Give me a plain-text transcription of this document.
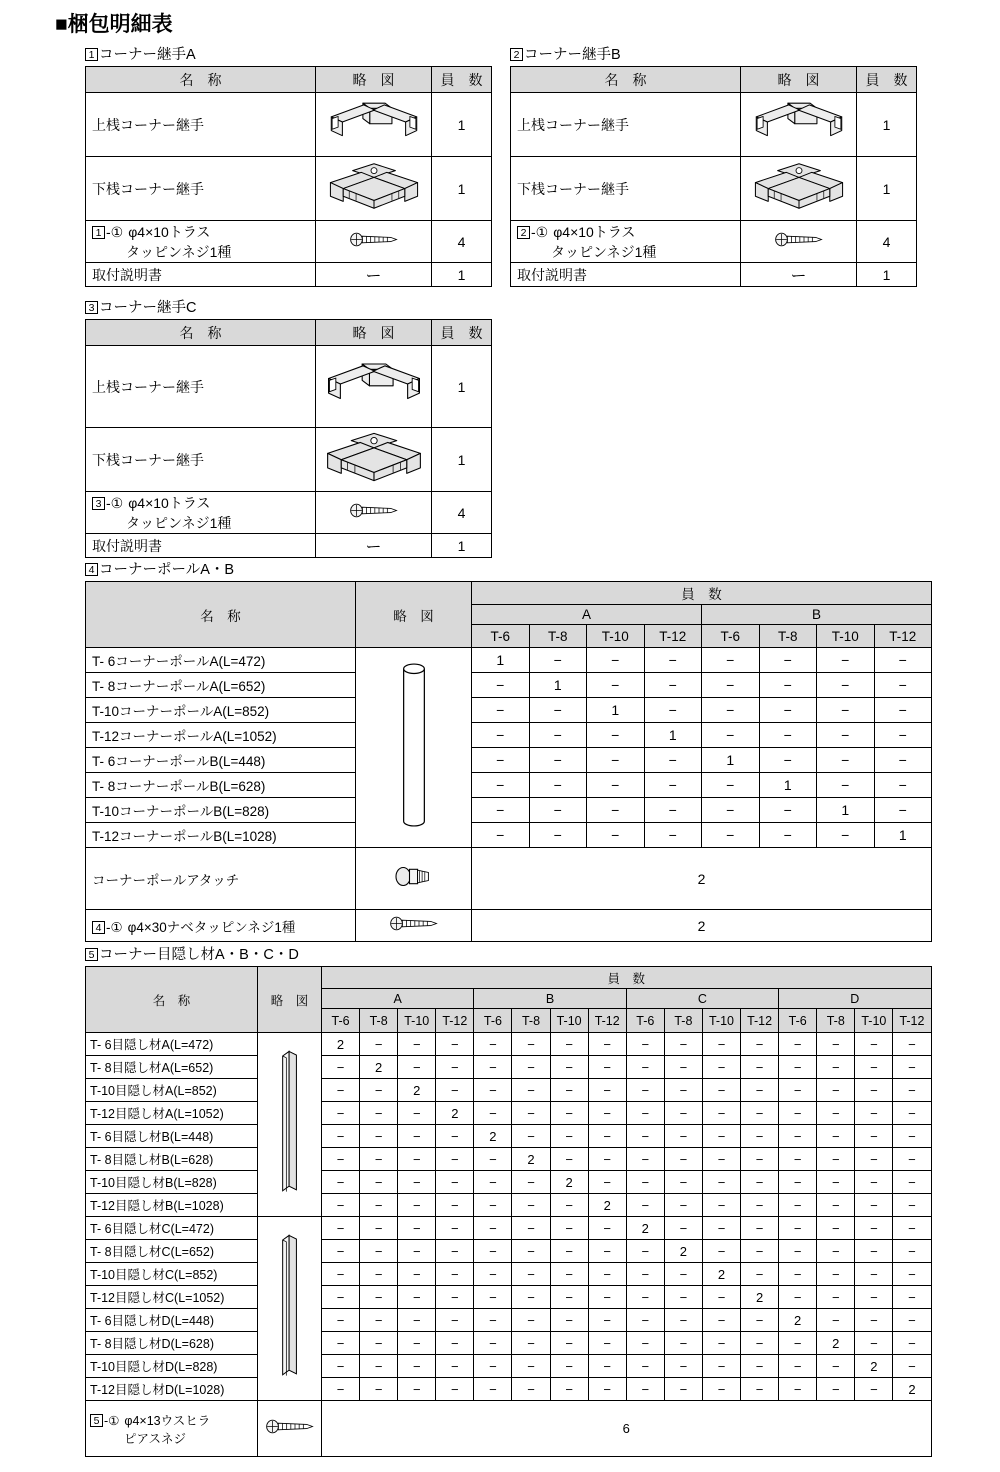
■梱包明細表
1 コーナー継手A
名　称	略　図	員　数
上桟コーナー継手		1
下桟コーナー継手		1

1 -① φ4×10トラス
タッピンネジ1種		4
取付説明書	ー	1
2 コーナー継手B
名　称	略　図	員　数
上桟コーナー継手		1
下桟コーナー継手		1

2 -① φ4×10トラス
タッピンネジ1種		4
取付説明書	ー	1
3 コーナー継手C
名　称	略　図	員　数
上桟コーナー継手		1
下桟コーナー継手		1

3 -① φ4×10トラス
タッピンネジ1種		4
取付説明書	ー	1
4 コーナーポールA・B
名　称	略　図	員　数							
		A				B			
		T-6	T-8	T-10	T-12	T-6	T-8	T-10	T-12
T- 6コーナーポールA(L=472)		1	−	−	−	−	−	−	−
T- 8コーナーポールA(L=652)		−	1	−	−	−	−	−	−
T-10コーナーポールA(L=852)		−	−	1	−	−	−	−	−
T-12コーナーポールA(L=1052)		−	−	−	1	−	−	−	−
T- 6コーナーポールB(L=448)		−	−	−	−	1	−	−	−
T- 8コーナーポールB(L=628)		−	−	−	−	−	1	−	−
T-10コーナーポールB(L=828)		−	−	−	−	−	−	1	−
T-12コーナーポールB(L=1028)		−	−	−	−	−	−	−	1
コーナーポールアタッチ		2							
4 -① φ4×30ナベタッピンネジ1種		2							
5 コーナー目隠し材A・B・C・D
名　称	略　図	員　数															
		A				B				C				D			
		T-6	T-8	T-10	T-12	T-6	T-8	T-10	T-12	T-6	T-8	T-10	T-12	T-6	T-8	T-10	T-12
T- 6目隠し材A(L=472)		2	−	−	−	−	−	−	−	−	−	−	−	−	−	−	−
T- 8目隠し材A(L=652)		−	2	−	−	−	−	−	−	−	−	−	−	−	−	−	−
T-10目隠し材A(L=852)		−	−	2	−	−	−	−	−	−	−	−	−	−	−	−	−
T-12目隠し材A(L=1052)		−	−	−	2	−	−	−	−	−	−	−	−	−	−	−	−
T- 6目隠し材B(L=448)		−	−	−	−	2	−	−	−	−	−	−	−	−	−	−	−
T- 8目隠し材B(L=628)		−	−	−	−	−	2	−	−	−	−	−	−	−	−	−	−
T-10目隠し材B(L=828)		−	−	−	−	−	−	2	−	−	−	−	−	−	−	−	−
T-12目隠し材B(L=1028)		−	−	−	−	−	−	−	2	−	−	−	−	−	−	−	−
T- 6目隠し材C(L=472)		−	−	−	−	−	−	−	−	2	−	−	−	−	−	−	−
T- 8目隠し材C(L=652)		−	−	−	−	−	−	−	−	−	2	−	−	−	−	−	−
T-10目隠し材C(L=852)		−	−	−	−	−	−	−	−	−	−	2	−	−	−	−	−
T-12目隠し材C(L=1052)		−	−	−	−	−	−	−	−	−	−	−	2	−	−	−	−
T- 6目隠し材D(L=448)		−	−	−	−	−	−	−	−	−	−	−	−	2	−	−	−
T- 8目隠し材D(L=628)		−	−	−	−	−	−	−	−	−	−	−	−	−	2	−	−
T-10目隠し材D(L=828)		−	−	−	−	−	−	−	−	−	−	−	−	−	−	2	−
T-12目隠し材D(L=1028)		−	−	−	−	−	−	−	−	−	−	−	−	−	−	−	2

5 -① φ4×13ウスヒラ
ピアスネジ		6															
